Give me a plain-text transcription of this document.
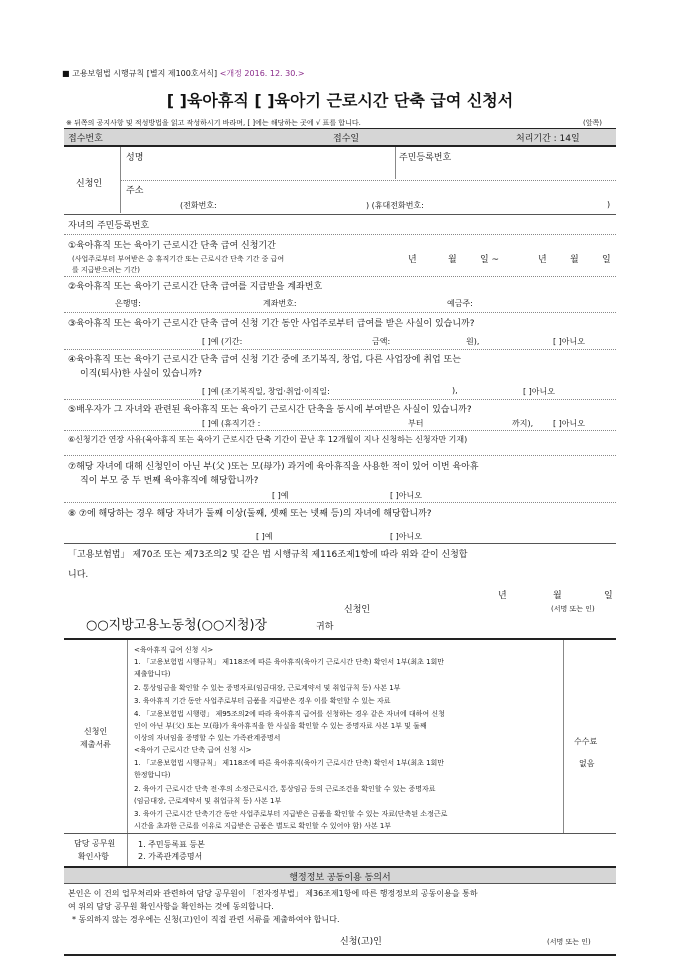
■ 고용보험법 시행규칙 [별지 제100호서식] <개정 2016. 12. 30.>
[ ]육아휴직 [ ]육아기 근로시간 단축 급여 신청서
※ 뒤쪽의 공지사항 및 적성방법을 읽고 작성하시기 바라며, [ ]에는 해당하는 곳에 √ 표를 합니다.	(앞쪽)
접수번호	접수일	처리기간 : 14일
신청인
성명	주민등록번호
주소
(전화번호:	) (휴대전화번호:	)
자녀의 주민등록번호
①육아휴직 또는 육아기 근로시간 단축 급여 신청기간
(사업주로부터 부여받은 총 휴직기간 또는 근로시간 단축 기간 중 급여
를 지급받으려는 기간)
년	월	일 ~	년	월	일
②육아휴직 또는 육아기 근로시간 단축 급여를 지급받을 계좌번호
은행명:	계좌번호:	예금주:
③육아휴직 또는 육아기 근로시간 단축 급여 신청 기간 동안 사업주로부터 급여를 받은 사실이 있습니까?
[ ]예 (기간:	금액:	원),	[ ]아니오
④육아휴직 또는 육아기 근로시간 단축 급여 신청 기간 중에 조기복직, 창업, 다른 사업장에 취업 또는
이직(퇴사)한 사실이 있습니까?
[ ]예 (조기복직일, 창업·취업·이직일:	),	[ ]아니오
⑤배우자가 그 자녀와 관련된 육아휴직 또는 육아기 근로시간 단축을 동시에 부여받은 사실이 있습니까?
[ ]예 (휴직기간 :	부터	까지), [ ]아니오
⑥신청기간 연장 사유(육아휴직 또는 육아기 근로시간 단축 기간이 끝난 후 12개월이 지나 신청하는 신청자만 기재)
⑦해당 자녀에 대해 신청인이 아닌 부(父 )또는 모(母가) 과거에 육아휴직을 사용한 적이 있어 이번 육아휴
직이 부모 중 두 번째 육아휴직에 해당합니까?
[ ]예	[ ]아니오
⑧ ⑦에 해당하는 경우 해당 자녀가 둘째 이상(둘째, 셋째 또는 넷째 등)의 자녀에 해당합니까?
[ ]예	[ ]아니오
「고용보험법」 제70조 또는 제73조의2 및 같은 법 시행규칙 제116조제1항에 따라 위와 같이 신청합
니다.
년	월	일
신청인	(서명 또는 인)
○○지방고용노동청(○○지청)장	귀하
신청인
제출서류	수수료
없음
<육아휴직 급여 신청 시>
1. 「고용보험법 시행규칙」 제118조에 따른 육아휴직(육아기 근로시간 단축) 확인서 1부(최초 1회만
제출합니다)
2. 통상임금을 확인할 수 있는 증명자료(임금대장, 근로계약서 및 취업규칙 등) 사본 1부
3. 육아휴직 기간 동안 사업주로부터 금품을 지급받은 경우 이를 확인할 수 있는 자료
4. 「고용보험법 시행령」 제95조의2에 따라 육아휴직 급여를 신청하는 경우 같은 자녀에 대하여 신청
인이 아닌 부(父) 또는 모(母)가 육아휴직을 한 사실을 확인할 수 있는 증명자료 사본 1부 및 둘째
이상의 자녀임을 증명할 수 있는 가족관계증명서
<육아기 근로시간 단축 급여 신청 시>
1. 「고용보험법 시행규칙」 제118조에 따른 육아휴직(육아기 근로시간 단축) 확인서 1부(최초 1회만
한정합니다)
2. 육아기 근로시간 단축 전·후의 소정근로시간, 통상임금 등의 근로조건을 확인할 수 있는 증명자료
(임금대장, 근로계약서 및 취업규칙 등) 사본 1부
3. 육아기 근로시간 단축기간 동안 사업주로부터 지급받은 금품을 확인할 수 있는 자료(단축된 소정근로
시간을 초과한 근로를 이유로 지급받은 금품은 별도로 확인할 수 있어야 함) 사본 1부
담당 공무원
확인사항
1. 주민등록표 등본
2. 가족관계증명서
행정정보 공동이용 동의서
본인은 이 건의 업무처리와 관련하여 담당 공무원이 「전자정부법」 제36조제1항에 따른 행정정보의 공동이용을 통하
여 위의 담당 공무원 확인사항을 확인하는 것에 동의합니다.
* 동의하지 않는 경우에는 신청(고)인이 직접 관련 서류를 제출하여야 합니다.
신청(고)인	(서명 또는 인)
